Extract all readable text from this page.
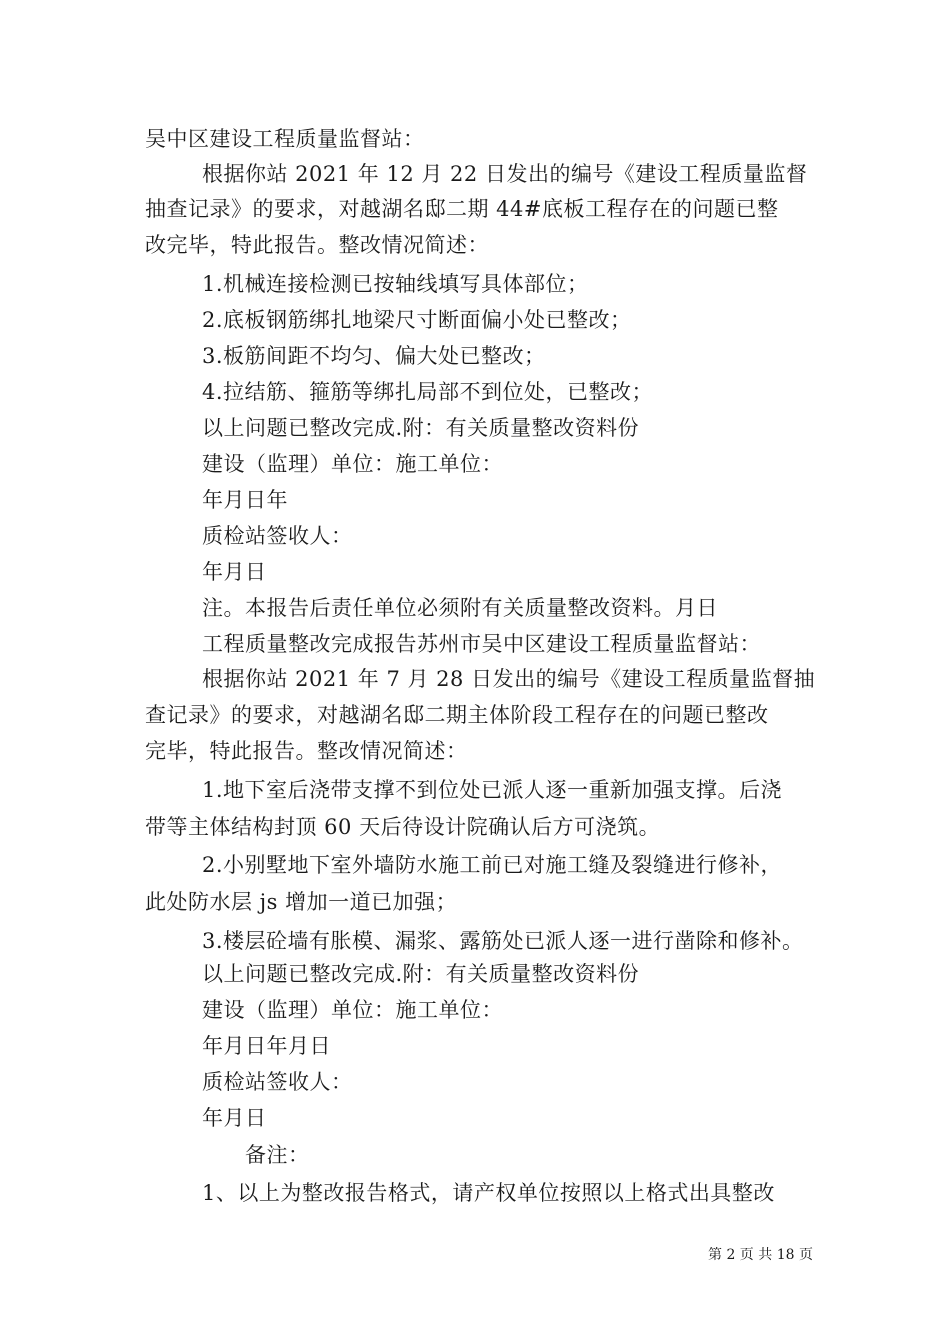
吴中区建设工程质量监督站：
根据你站 2021 年 12 月 22 日发出的编号《建设工程质量监督
抽查记录》的要求，对越湖名邸二期 44#底板工程存在的问题已整
改完毕，特此报告。整改情况简述：
1.机械连接检测已按轴线填写具体部位；
2.底板钢筋绑扎地梁尺寸断面偏小处已整改；
3.板筋间距不均匀、偏大处已整改；
4.拉结筋、箍筋等绑扎局部不到位处，已整改；
以上问题已整改完成.附：有关质量整改资料份
建设（监理）单位：施工单位：
年月日年
质检站签收人：
年月日
注。本报告后责任单位必须附有关质量整改资料。月日
工程质量整改完成报告苏州市吴中区建设工程质量监督站：
根据你站 2021 年 7 月 28 日发出的编号《建设工程质量监督抽
查记录》的要求，对越湖名邸二期主体阶段工程存在的问题已整改
完毕，特此报告。整改情况简述：
1.地下室后浇带支撑不到位处已派人逐一重新加强支撑。后浇
带等主体结构封顶 60 天后待设计院确认后方可浇筑。
2.小别墅地下室外墙防水施工前已对施工缝及裂缝进行修补，
此处防水层 js 增加一道已加强；
3.楼层砼墙有胀模、漏浆、露筋处已派人逐一进行凿除和修补。
以上问题已整改完成.附：有关质量整改资料份
建设（监理）单位：施工单位：
年月日年月日
质检站签收人：
年月日
备注：
1、以上为整改报告格式，请产权单位按照以上格式出具整改
第 2 页 共 18 页
